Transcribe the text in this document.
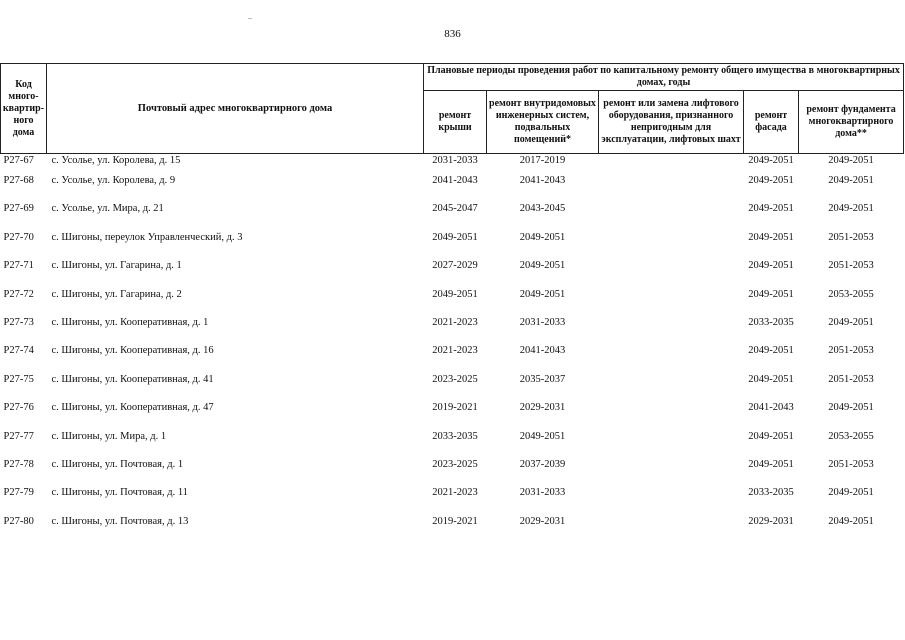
836
Код много-квартир-ного дома	Почтовый адрес многоквартирного дома	Плановые периоды проведения работ по капитальному ремонту общего имущества в многоквартирных домах, годы				
		ремонт крыши	ремонт внутридомовых инженерных систем, подвальных помещений*	ремонт или замена лифтового оборудования, признанного непригодным для эксплуатации, лифтовых шахт	ремонт фасада	ремонт фундамента многоквартирного дома**
P27-67	с. Усолье, ул. Королева, д. 15	2031-2033	2017-2019		2049-2051	2049-2051
P27-68	с. Усолье, ул. Королева, д. 9	2041-2043	2041-2043		2049-2051	2049-2051
P27-69	с. Усолье, ул. Мира, д. 21	2045-2047	2043-2045		2049-2051	2049-2051
P27-70	с. Шигоны, переулок Управленческий, д. 3	2049-2051	2049-2051		2049-2051	2051-2053
P27-71	с. Шигоны, ул. Гагарина, д. 1	2027-2029	2049-2051		2049-2051	2051-2053
P27-72	с. Шигоны, ул. Гагарина, д. 2	2049-2051	2049-2051		2049-2051	2053-2055
P27-73	с. Шигоны, ул. Кооперативная, д. 1	2021-2023	2031-2033		2033-2035	2049-2051
P27-74	с. Шигоны, ул. Кооперативная, д. 16	2021-2023	2041-2043		2049-2051	2051-2053
P27-75	с. Шигоны, ул. Кооперативная, д. 41	2023-2025	2035-2037		2049-2051	2051-2053
P27-76	с. Шигоны, ул. Кооперативная, д. 47	2019-2021	2029-2031		2041-2043	2049-2051
P27-77	с. Шигоны, ул. Мира, д. 1	2033-2035	2049-2051		2049-2051	2053-2055
P27-78	с. Шигоны, ул. Почтовая, д. 1	2023-2025	2037-2039		2049-2051	2051-2053
P27-79	с. Шигоны, ул. Почтовая, д. 11	2021-2023	2031-2033		2033-2035	2049-2051
P27-80	с. Шигоны, ул. Почтовая, д. 13	2019-2021	2029-2031		2029-2031	2049-2051
